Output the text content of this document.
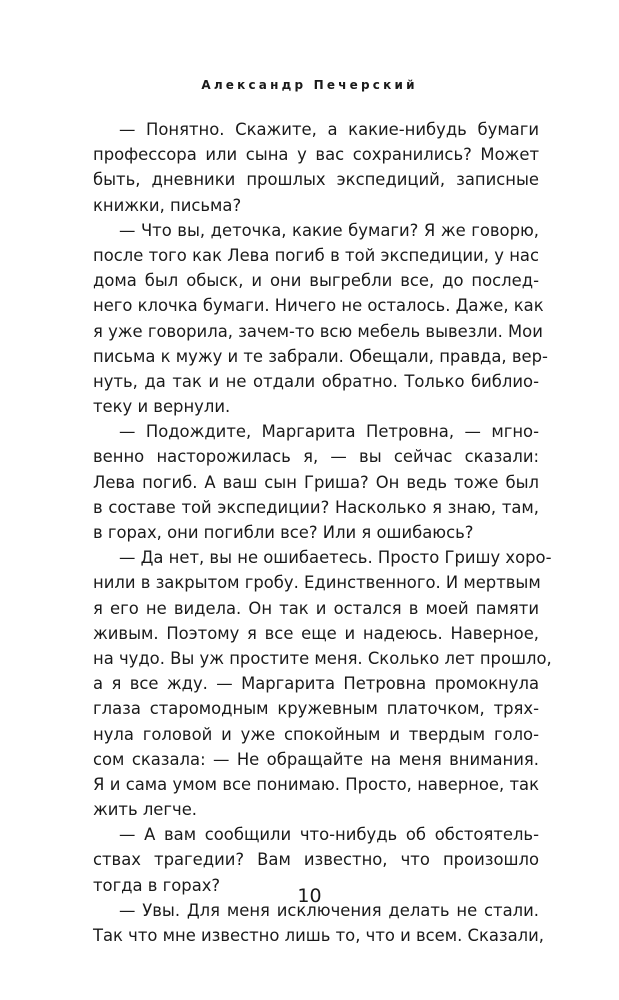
Александр Печерский
— Понятно. Скажите, а какие-нибудь бумаги
профессора или сына у вас сохранились? Может
быть, дневники прошлых экспедиций, записные
книжки, письма?
— Что вы, деточка, какие бумаги? Я же говорю,
после того как Лева погиб в той экспедиции, у нас
дома был обыск, и они выгребли все, до послед-
него клочка бумаги. Ничего не осталось. Даже, как
я уже говорила, зачем-то всю мебель вывезли. Мои
письма к мужу и те забрали. Обещали, правда, вер-
нуть, да так и не отдали обратно. Только библио-
теку и вернули.
— Подождите, Маргарита Петровна, — мгно-
венно насторожилась я, — вы сейчас сказали:
Лева погиб. А ваш сын Гриша? Он ведь тоже был
в составе той экспедиции? Насколько я знаю, там,
в горах, они погибли все? Или я ошибаюсь?
— Да нет, вы не ошибаетесь. Просто Гришу хоро-
нили в закрытом гробу. Единственного. И мертвым
я его не видела. Он так и остался в моей памяти
живым. Поэтому я все еще и надеюсь. Наверное,
на чудо. Вы уж простите меня. Сколько лет прошло,
а я все жду. — Маргарита Петровна промокнула
глаза старомодным кружевным платочком, трях-
нула головой и уже спокойным и твердым голо-
сом сказала: — Не обращайте на меня внимания.
Я и сама умом все понимаю. Просто, наверное, так
жить легче.
— А вам сообщили что-нибудь об обстоятель-
ствах трагедии? Вам известно, что произошло
тогда в горах?
— Увы. Для меня исключения делать не стали.
Так что мне известно лишь то, что и всем. Сказали,
10
